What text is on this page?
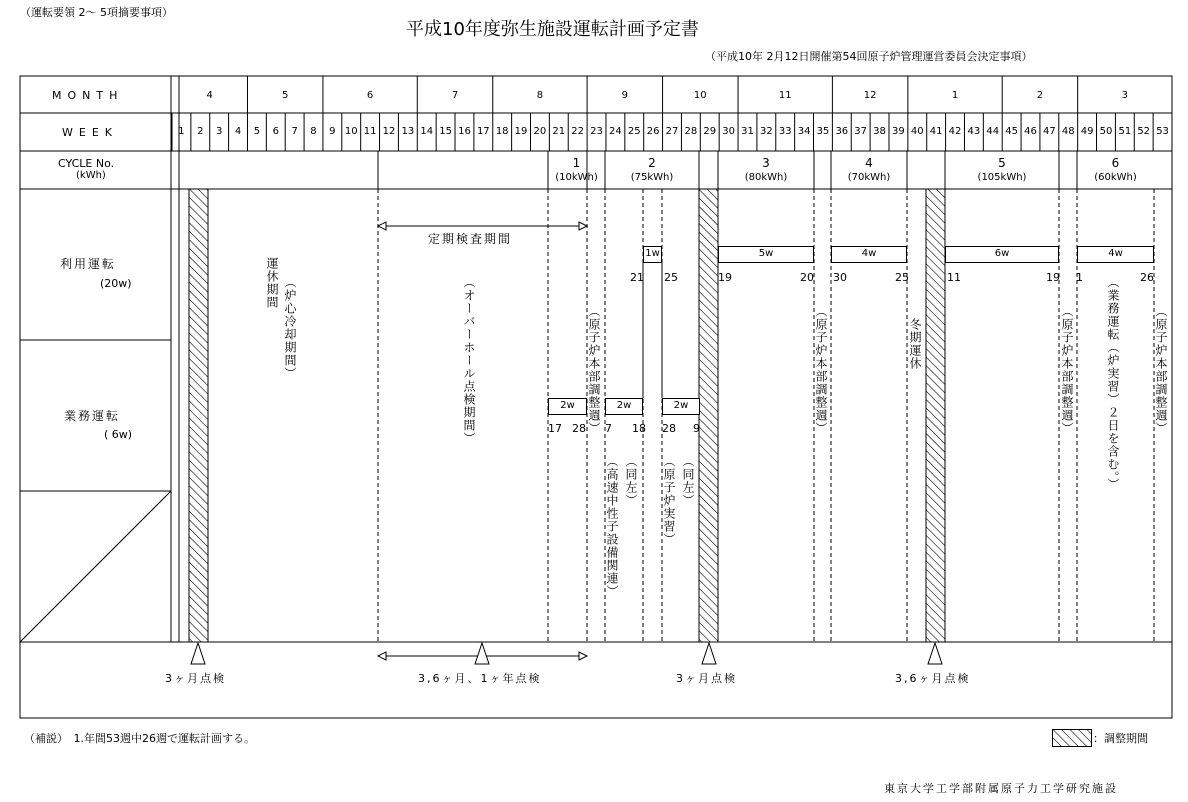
（運転要領 2～ 5項摘要事項）
平成10年度弥生施設運転計画予定書
（平成10年 2月12日開催第54回原子炉管理運営委員会決定事項）
MONTH
WEEK
CYCLE No.
(kWh)
利用運転
(20w)
業務運転
( 6w)
4	5	6	7	8	9	10	11	12	1	2	3
1	2	3	4	5	6	7	8	9 10 11 12 13 14 15 16 17 18 19 20 21 22 23 24 25 26 27 28 29 30 31 32 33 34 35 36 37 38 39 40 41 42 43 44 45 46 47 48 49 50 51 52 53
1
(10kWh)
2
(75kWh)
3
(80kWh)
4
(70kWh)
5
(105kWh)
6
(60kWh)
定期検査期間
1w	5w	4w	6w	4w
2w	2w	2w
21 25	19	20 30	25	11	19 1	26
17 28 7 18 28 9
運休期間 （炉心冷却期間）	（オーバーホール点検期間）	（原子炉本部調整週）
（同左）
（高速中性子設備関連）	（同左）
（原子炉実習）
（原子炉本部調整週）	冬期運休	（原子炉本部調整週）	（業務運転（炉実習）２日を含む。）	（原子炉本部調整週）
3ヶ月点検	3,6ヶ月、1ヶ年点検	3ヶ月点検	3,6ヶ月点検
（補説）　1.年間53週中26週で運転計画する。	：調整期間
東京大学工学部附属原子力工学研究施設
